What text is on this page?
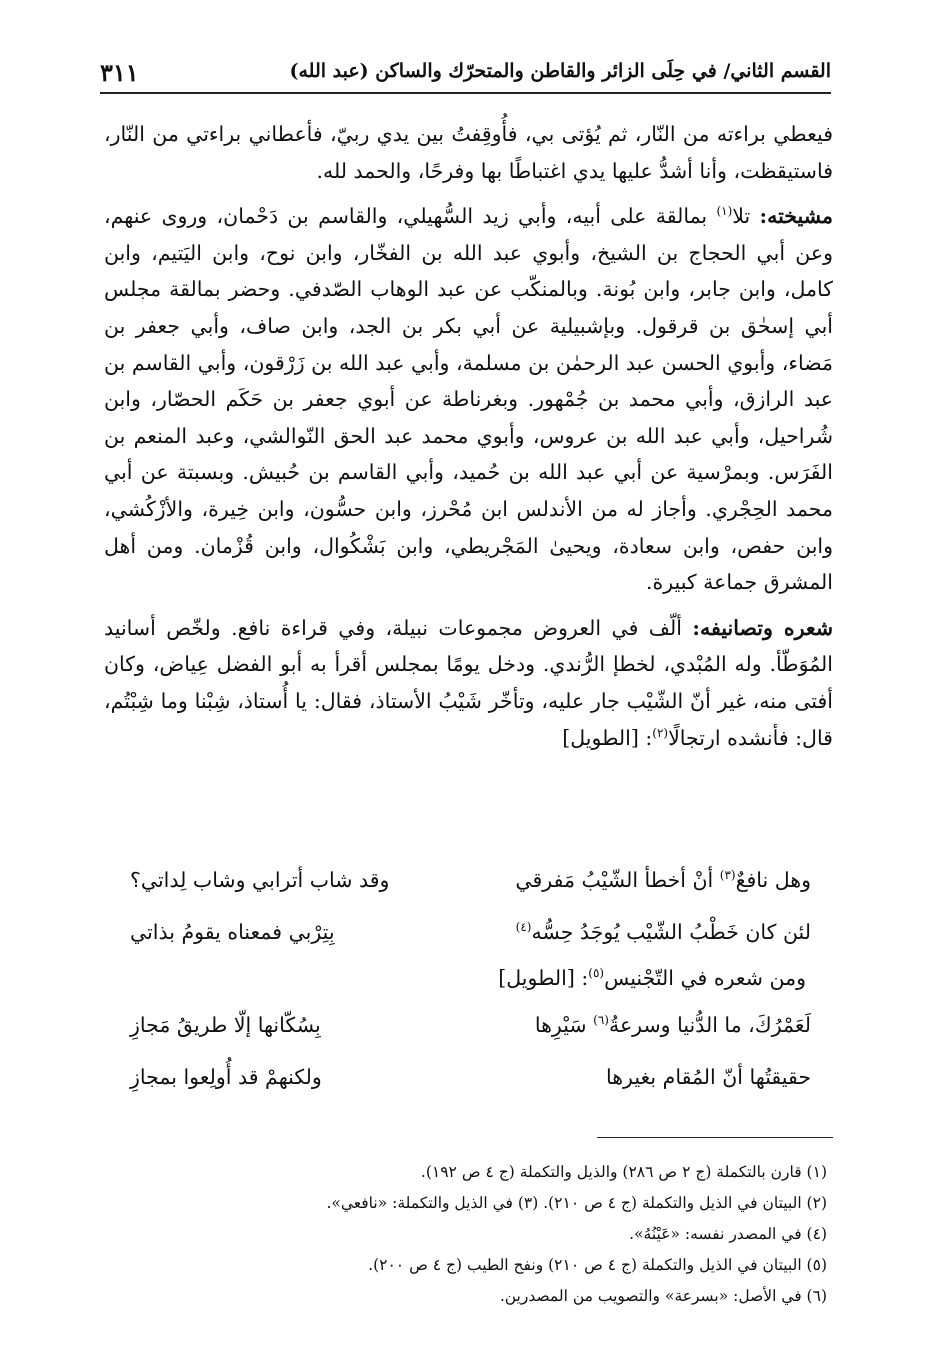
القسم الثاني/ في حِلَى الزائر والقاطن والمتحرّك والساكن (عبد الله)
٣١١

فيعطي براءته من النّار، ثم يُؤتى بي، فأُوقِفتُ بين يدي ربيّ، فأعطاني براءتي من النّار، فاستيقظت، وأنا أشدُّ عليها يدي اغتباطًا بها وفرحًا، والحمد لله.

مشيخته: تلا$^{(١)}$ بمالقة على أبيه، وأبي زيد السُّهيلي، والقاسم بن دَحْمان، وروى عنهم، وعن أبي الحجاج بن الشيخ، وأبوي عبد الله بن الفخّار، وابن نوح، وابن اليَتيم، وابن كامل، وابن جابر، وابن بُونة. وبالمنكّب عن عبد الوهاب الصّدفي. وحضر بمالقة مجلس أبي إسحٰق بن قرقول. وبإشبيلية عن أبي بكر بن الجد، وابن صاف، وأبي جعفر بن مَضاء، وأبوي الحسن عبد الرحمٰن بن مسلمة، وأبي عبد الله بن زَرْقون، وأبي القاسم بن عبد الرازق، وأبي محمد بن جُمْهور. وبغرناطة عن أبوي جعفر بن حَكَم الحصّار، وابن شُراحيل، وأبي عبد الله بن عروس، وأبوي محمد عبد الحق النّوالشي، وعبد المنعم بن الفَرَس. وبمرْسية عن أبي عبد الله بن حُميد، وأبي القاسم بن حُبيش. وبسبتة عن أبي محمد الحِجْري. وأجاز له من الأندلس ابن مُحْرز، وابن حسُّون، وابن خِيرة، والأزْكُشي، وابن حفص، وابن سعادة، ويحيىٰ المَجْريطي، وابن بَشْكُوال، وابن قُزْمان. ومن أهل المشرق جماعة كبيرة.

شعره وتصانيفه: ألّف في العروض مجموعات نبيلة، وفي قراءة نافع. ولخّص أسانيد المُوَطّأ. وله المُبْدي، لخطإ الرُّندي. ودخل يومًا بمجلس أقرأ به أبو الفضل عِياض، وكان أفتى منه، غير أنّ الشّيْب جار عليه، وتأخّر شَيْبُ الأستاذ، فقال: يا أُستاذ، شِبْنا وما شِبْتُم، قال: فأنشده ارتجالًا$^{(٢)}$: [الطويل]

وهل نافعٌ$^{(٣)}$ أنْ أخطأ الشّيْبُ مَفرقي
وقد شاب أترابي وشاب لِداتي؟
لئن كان خَطْبُ الشّيْب يُوجَدُ حِسُّه$^{(٤)}$
بِتِرْبي فمعناه يقومُ بذاتي
ومن شعره في التّجْنيس$^{(٥)}$: [الطويل]
لَعَمْرُكَ، ما الدُّنيا وسرعةُ$^{(٦)}$ سَيْرِها
بِسُكّانها إلّا طريقُ مَجازِ
حقيقتُها أنّ المُقام بغيرها
ولكنهمْ قد أُولِعوا بمجازِ
(١) قارن بالتكملة (ج ٢ ص ٢٨٦) والذيل والتكملة (ج ٤ ص ١٩٢).
(٢) البيتان في الذيل والتكملة (ج ٤ ص ٢١٠). (٣) في الذيل والتكملة: «نافعي».
(٤) في المصدر نفسه: «عَيْنُهُ».
(٥) البيتان في الذيل والتكملة (ج ٤ ص ٢١٠) ونفح الطيب (ج ٤ ص ٢٠٠).
(٦) في الأصل: «بسرعة» والتصويب من المصدرين.
